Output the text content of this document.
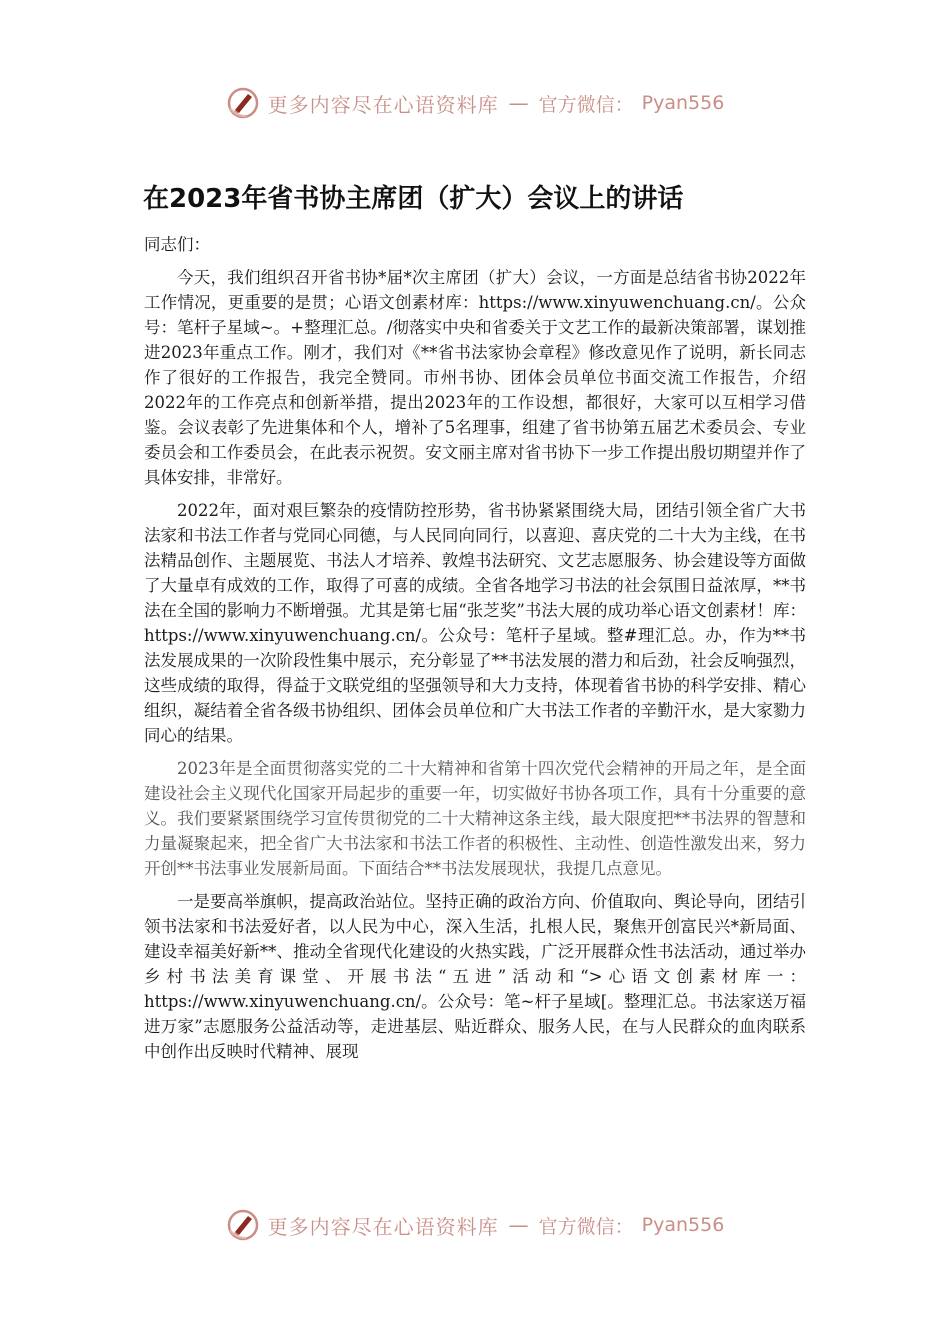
更多内容尽在心语资料库 — 官方微信： Pyan556
在2023年省书协主席团（扩大）会议上的讲话

同志们：

今天，我们组织召开省书协*届*次主席团（扩大）会议，一方面是总结省书协2022年工作情况，更重要的是贯；心语文创素材库：https://www.xinyuwenchuang.cn/。公众号：笔杆子星域~。+整理汇总。/彻落实中央和省委关于文艺工作的最新决策部署，谋划推进2023年重点工作。刚才，我们对《**省书法家协会章程》修改意见作了说明，新长同志作了很好的工作报告，我完全赞同。市州书协、团体会员单位书面交流工作报告，介绍2022年的工作亮点和创新举措，提出2023年的工作设想，都很好，大家可以互相学习借鉴。会议表彰了先进集体和个人，增补了5名理事，组建了省书协第五届艺术委员会、专业委员会和工作委员会，在此表示祝贺。安文丽主席对省书协下一步工作提出殷切期望并作了具体安排，非常好。

2022年，面对艰巨繁杂的疫情防控形势，省书协紧紧围绕大局，团结引领全省广大书法家和书法工作者与党同心同德，与人民同向同行，以喜迎、喜庆党的二十大为主线，在书法精品创作、主题展览、书法人才培养、敦煌书法研究、文艺志愿服务、协会建设等方面做了大量卓有成效的工作，取得了可喜的成绩。全省各地学习书法的社会氛围日益浓厚，**书法在全国的影响力不断增强。尤其是第七届“张芝奖”书法大展的成功举心语文创素材！库：https://www.xinyuwenchuang.cn/。公众号：笔杆子星域。整#理汇总。办，作为**书法发展成果的一次阶段性集中展示，充分彰显了**书法发展的潜力和后劲，社会反响强烈，这些成绩的取得，得益于文联党组的坚强领导和大力支持，体现着省书协的科学安排、精心组织，凝结着全省各级书协组织、团体会员单位和广大书法工作者的辛勤汗水，是大家勠力同心的结果。

2023年是全面贯彻落实党的二十大精神和省第十四次党代会精神的开局之年，是全面建设社会主义现代化国家开局起步的重要一年，切实做好书协各项工作，具有十分重要的意义。我们要紧紧围绕学习宣传贯彻党的二十大精神这条主线，最大限度把**书法界的智慧和力量凝聚起来，把全省广大书法家和书法工作者的积极性、主动性、创造性激发出来，努力开创**书法事业发展新局面。下面结合**书法发展现状，我提几点意见。

一是要高举旗帜，提高政治站位。坚持正确的政治方向、价值取向、舆论导向，团结引领书法家和书法爱好者，以人民为中心，深入生活，扎根人民，聚焦开创富民兴*新局面、建设幸福美好新**、推动全省现代化建设的火热实践，广泛开展群众性书法活动，通过举办乡村书法美育课堂、开展书法“五进”活动和“>心语文创素材库一：https://www.xinyuwenchuang.cn/。公众号：笔~杆子星域[。整理汇总。书法家送万福进万家”志愿服务公益活动等，走进基层、贴近群众、服务人民，在与人民群众的血肉联系中创作出反映时代精神、展现

更多内容尽在心语资料库 — 官方微信： Pyan556
